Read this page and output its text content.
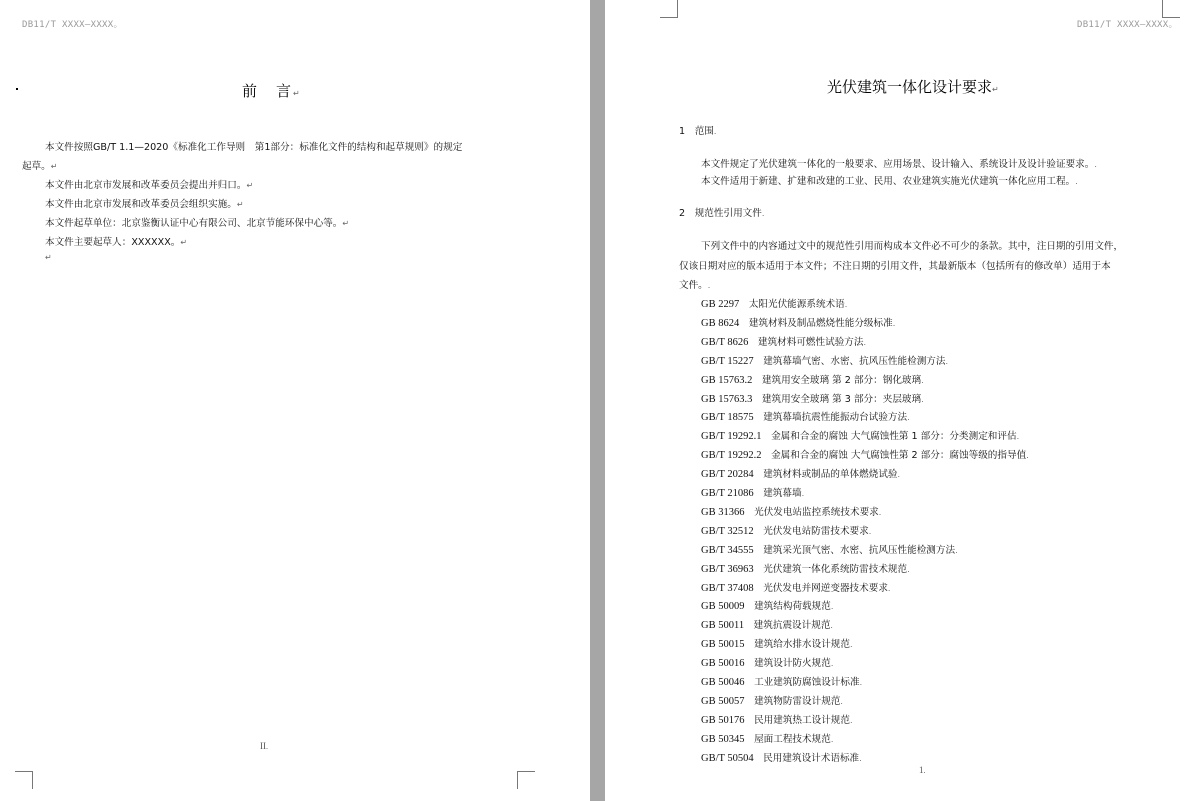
DB11/T XXXX—XXXX。
前　言↵
本文件按照GB/T 1.1—2020《标准化工作导则　第1部分：标准化文件的结构和起草规则》的规定
起草。↵
本文件由北京市发展和改革委员会提出并归口。↵
本文件由北京市发展和改革委员会组织实施。↵
本文件起草单位：北京鉴衡认证中心有限公司、北京节能环保中心等。↵
本文件主要起草人：XXXXXX。↵
↵
II.
DB11/T XXXX—XXXX。
光伏建筑一体化设计要求↵
1　范围.
本文件规定了光伏建筑一体化的一般要求、应用场景、设计输入、系统设计及设计验证要求。.
本文件适用于新建、扩建和改建的工业、民用、农业建筑实施光伏建筑一体化应用工程。.
2　规范性引用文件.
下列文件中的内容通过文中的规范性引用而构成本文件必不可少的条款。其中，注日期的引用文件，
仅该日期对应的版本适用于本文件；不注日期的引用文件，其最新版本（包括所有的修改单）适用于本
文件。.
GB 2297  太阳光伏能源系统术语.
GB 8624  建筑材料及制品燃烧性能分级标准.
GB/T 8626  建筑材料可燃性试验方法.
GB/T 15227  建筑幕墙气密、水密、抗风压性能检测方法.
GB 15763.2  建筑用安全玻璃 第 2 部分：钢化玻璃.
GB 15763.3  建筑用安全玻璃 第 3 部分：夹层玻璃.
GB/T 18575  建筑幕墙抗震性能振动台试验方法.
GB/T 19292.1  金属和合金的腐蚀 大气腐蚀性第 1 部分：分类测定和评估.
GB/T 19292.2  金属和合金的腐蚀 大气腐蚀性第 2 部分：腐蚀等级的指导值.
GB/T 20284  建筑材料或制品的单体燃烧试验.
GB/T 21086  建筑幕墙.
GB 31366  光伏发电站监控系统技术要求.
GB/T 32512  光伏发电站防雷技术要求.
GB/T 34555  建筑采光顶气密、水密、抗风压性能检测方法.
GB/T 36963  光伏建筑一体化系统防雷技术规范.
GB/T 37408  光伏发电并网逆变器技术要求.
GB 50009  建筑结构荷载规范.
GB 50011  建筑抗震设计规范.
GB 50015  建筑给水排水设计规范.
GB 50016  建筑设计防火规范.
GB 50046  工业建筑防腐蚀设计标准.
GB 50057  建筑物防雷设计规范.
GB 50176  民用建筑热工设计规范.
GB 50345  屋面工程技术规范.
GB/T 50504  民用建筑设计术语标准.
1.
